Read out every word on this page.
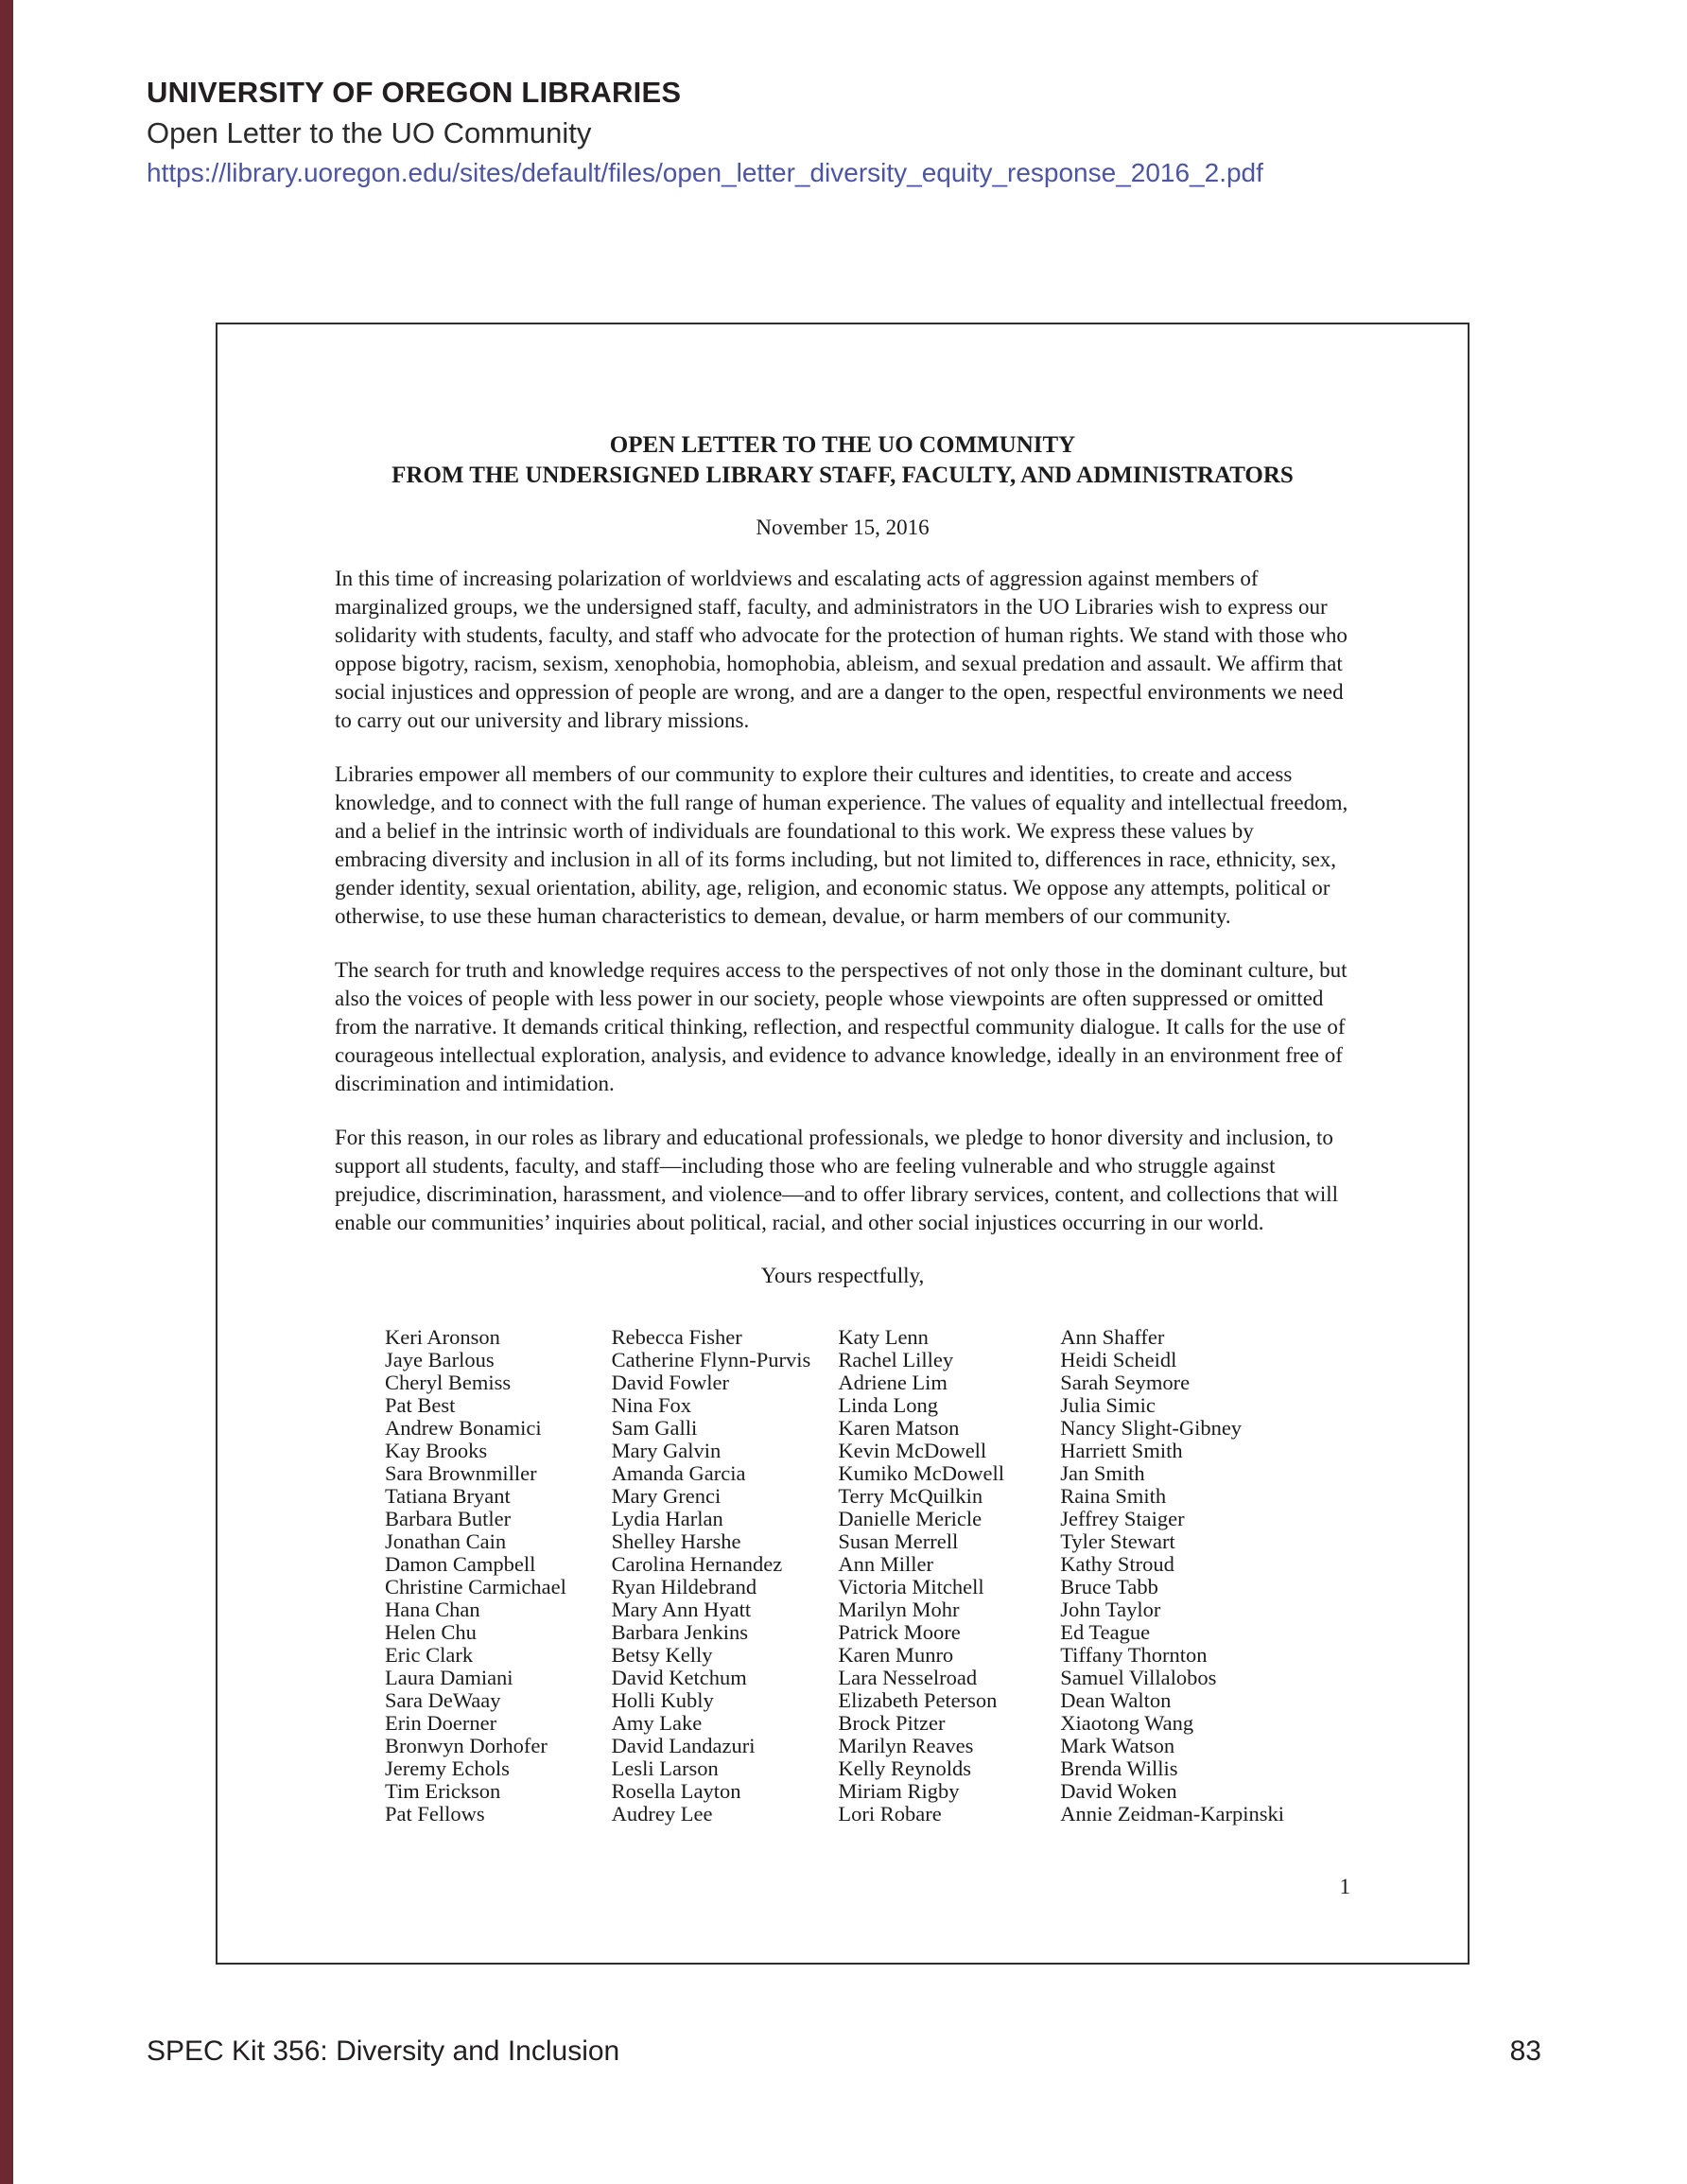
UNIVERSITY OF OREGON LIBRARIES
Open Letter to the UO Community
https://library.uoregon.edu/sites/default/files/open_letter_diversity_equity_response_2016_2.pdf
OPEN LETTER TO THE UO COMMUNITY
FROM THE UNDERSIGNED LIBRARY STAFF, FACULTY, AND ADMINISTRATORS
November 15, 2016

In this time of increasing polarization of worldviews and escalating acts of aggression against members of marginalized groups, we the undersigned staff, faculty, and administrators in the UO Libraries wish to express our solidarity with students, faculty, and staff who advocate for the protection of human rights. We stand with those who oppose bigotry, racism, sexism, xenophobia, homophobia, ableism, and sexual predation and assault. We affirm that social injustices and oppression of people are wrong, and are a danger to the open, respectful environments we need to carry out our university and library missions.

Libraries empower all members of our community to explore their cultures and identities, to create and access knowledge, and to connect with the full range of human experience. The values of equality and intellectual freedom, and a belief in the intrinsic worth of individuals are foundational to this work. We express these values by embracing diversity and inclusion in all of its forms including, but not limited to, differences in race, ethnicity, sex, gender identity, sexual orientation, ability, age, religion, and economic status. We oppose any attempts, political or otherwise, to use these human characteristics to demean, devalue, or harm members of our community.

The search for truth and knowledge requires access to the perspectives of not only those in the dominant culture, but also the voices of people with less power in our society, people whose viewpoints are often suppressed or omitted from the narrative. It demands critical thinking, reflection, and respectful community dialogue. It calls for the use of courageous intellectual exploration, analysis, and evidence to advance knowledge, ideally in an environment free of discrimination and intimidation.

For this reason, in our roles as library and educational professionals, we pledge to honor diversity and inclusion, to support all students, faculty, and staff—including those who are feeling vulnerable and who struggle against prejudice, discrimination, harassment, and violence—and to offer library services, content, and collections that will enable our communities’ inquiries about political, racial, and other social injustices occurring in our world.

Yours respectfully,
Keri Aronson
Jaye Barlous
Cheryl Bemiss
Pat Best
Andrew Bonamici
Kay Brooks
Sara Brownmiller
Tatiana Bryant
Barbara Butler
Jonathan Cain
Damon Campbell
Christine Carmichael
Hana Chan
Helen Chu
Eric Clark
Laura Damiani
Sara DeWaay
Erin Doerner
Bronwyn Dorhofer
Jeremy Echols
Tim Erickson
Pat Fellows
Rebecca Fisher
Catherine Flynn-Purvis
David Fowler
Nina Fox
Sam Galli
Mary Galvin
Amanda Garcia
Mary Grenci
Lydia Harlan
Shelley Harshe
Carolina Hernandez
Ryan Hildebrand
Mary Ann Hyatt
Barbara Jenkins
Betsy Kelly
David Ketchum
Holli Kubly
Amy Lake
David Landazuri
Lesli Larson
Rosella Layton
Audrey Lee
Katy Lenn
Rachel Lilley
Adriene Lim
Linda Long
Karen Matson
Kevin McDowell
Kumiko McDowell
Terry McQuilkin
Danielle Mericle
Susan Merrell
Ann Miller
Victoria Mitchell
Marilyn Mohr
Patrick Moore
Karen Munro
Lara Nesselroad
Elizabeth Peterson
Brock Pitzer
Marilyn Reaves
Kelly Reynolds
Miriam Rigby
Lori Robare
Ann Shaffer
Heidi Scheidl
Sarah Seymore
Julia Simic
Nancy Slight-Gibney
Harriett Smith
Jan Smith
Raina Smith
Jeffrey Staiger
Tyler Stewart
Kathy Stroud
Bruce Tabb
John Taylor
Ed Teague
Tiffany Thornton
Samuel Villalobos
Dean Walton
Xiaotong Wang
Mark Watson
Brenda Willis
David Woken
Annie Zeidman-Karpinski
1
SPEC Kit 356: Diversity and Inclusion	83
